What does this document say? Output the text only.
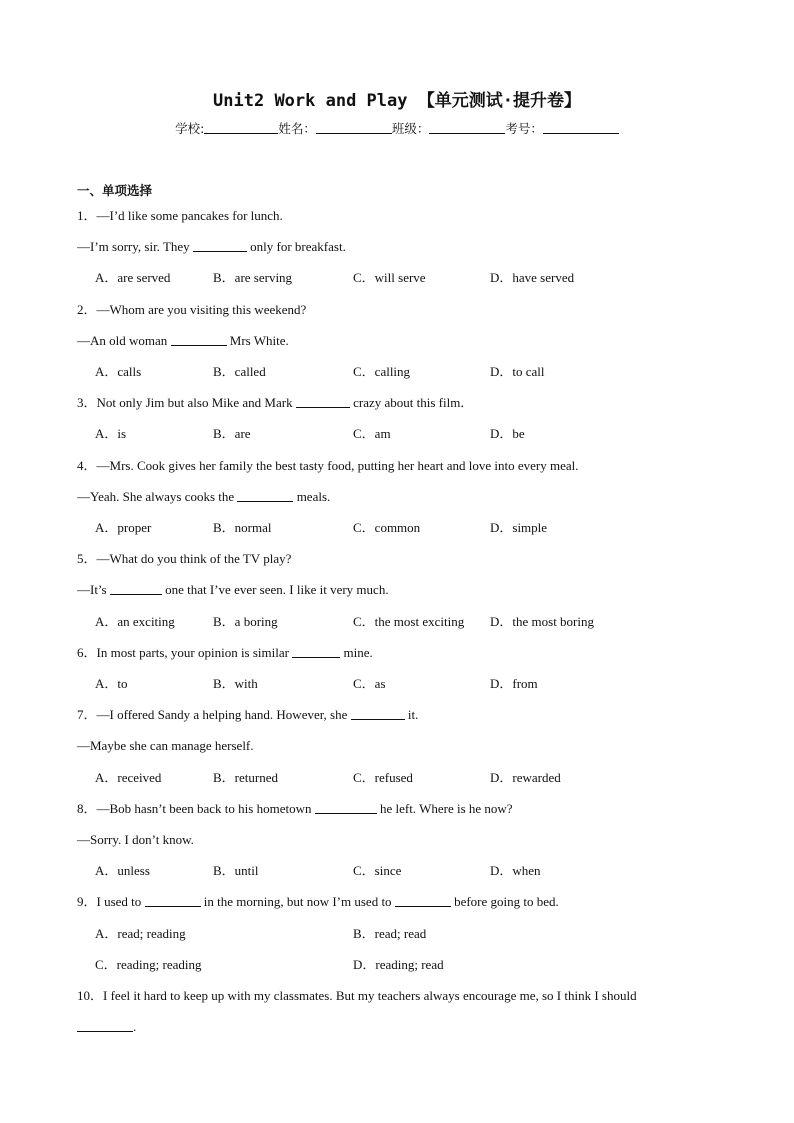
Unit2 Work and Play 【单元测试·提升卷】
学校:	姓名：	班级：	考号：
一、单项选择
1．—I’d like some pancakes for lunch.
—I’m sorry, sir. They	only for breakfast.
A．are served	B．are serving	C．will serve	D．have served
2．—Whom are you visiting this weekend?
—An old woman	Mrs White.
A．calls	B．called	C．calling	D．to call
3．Not only Jim but also Mike and Mark	crazy about this film．
A．is	B．are	C．am	D．be
4．—Mrs. Cook gives her family the best tasty food, putting her heart and love into every meal.
—Yeah. She always cooks the	meals.
A．proper	B．normal	C．common	D．simple
5．—What do you think of the TV play?
—It’s	one that I’ve ever seen. I like it very much.
A．an exciting	B．a boring	C．the most exciting D．the most boring
6．In most parts, your opinion is similar	mine.
A．to	B．with	C．as	D．from
7．—I offered Sandy a helping hand. However, she	it.
—Maybe she can manage herself.
A．received	B．returned	C．refused	D．rewarded
8．—Bob hasn’t been back to his hometown	he left. Where is he now?
—Sorry. I don’t know.
A．unless	B．until	C．since	D．when
9．I used to	in the morning, but now I’m used to	before going to bed.
A．read; reading	B．read; read
C．reading; reading	D．reading; read
10．I feel it hard to keep up with my classmates. But my teachers always encourage me, so I think I should
.
